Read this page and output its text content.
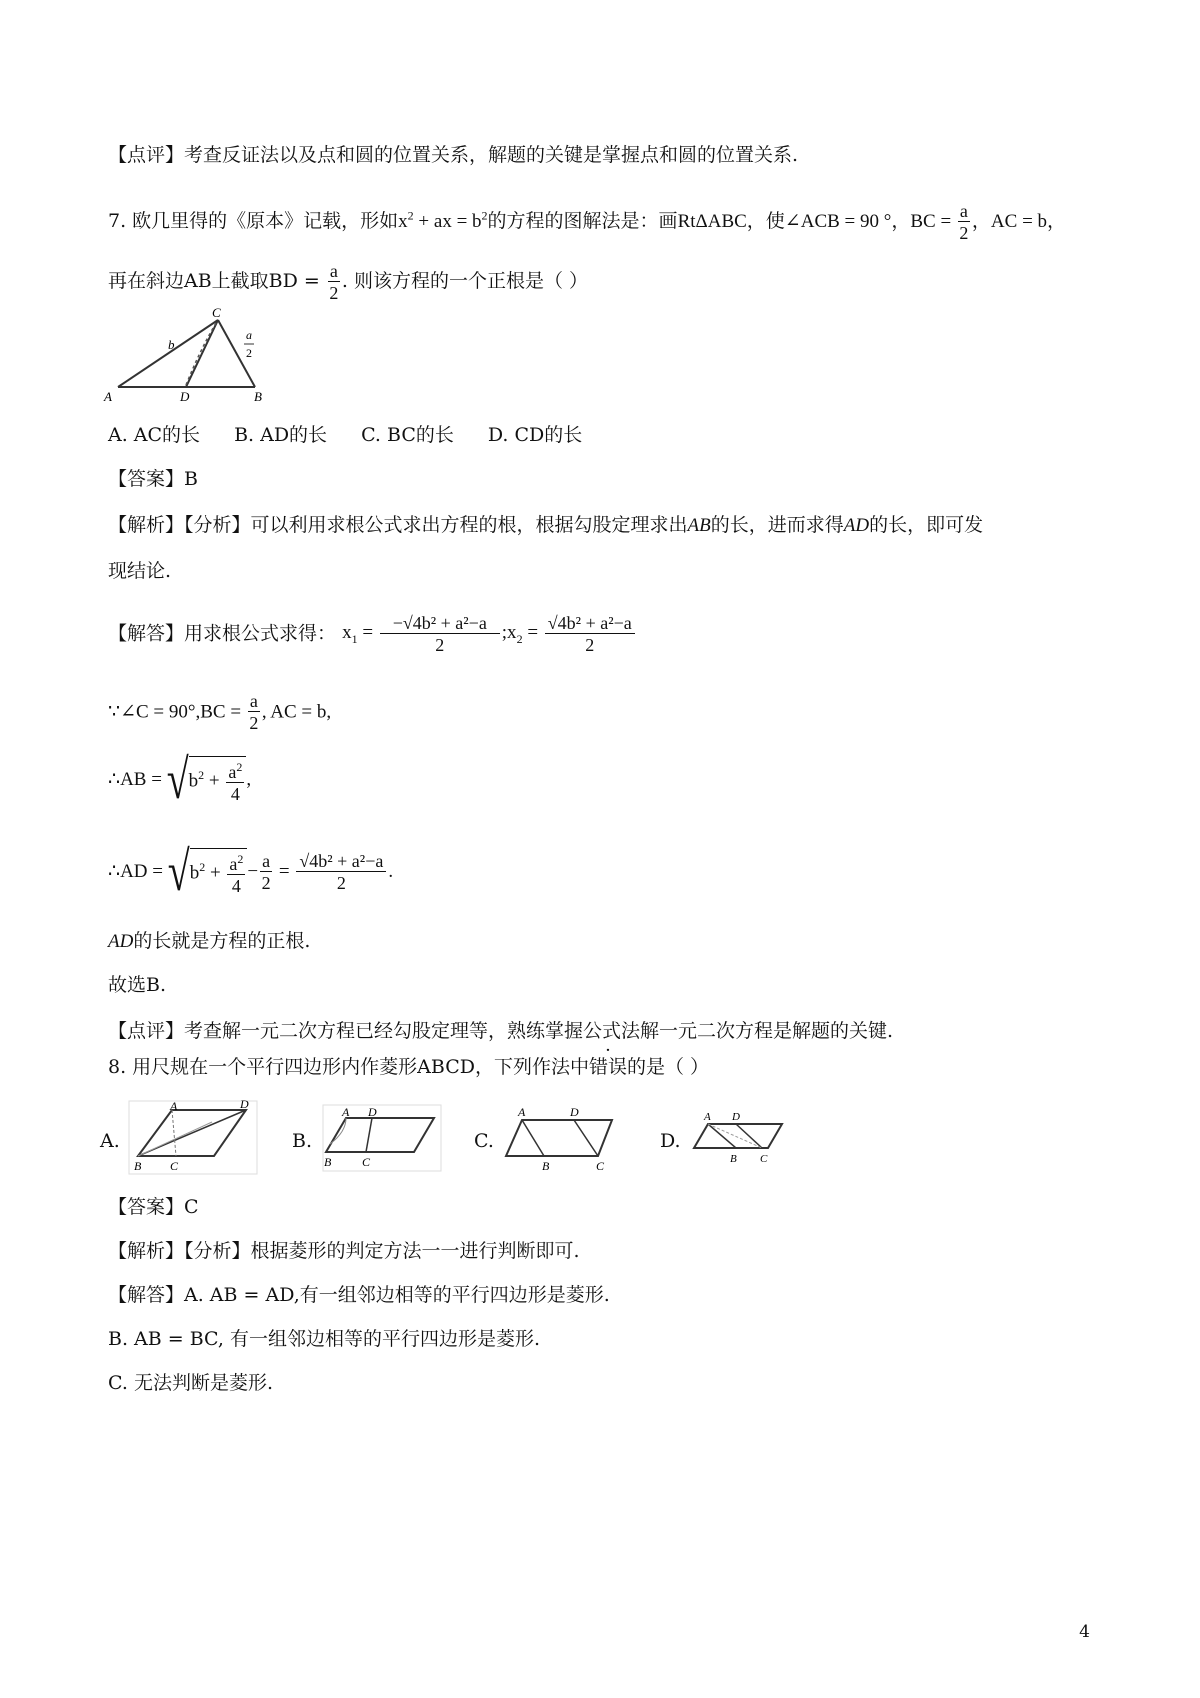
【点评】考查反证法以及点和圆的位置关系，解题的关键是掌握点和圆的位置关系.
7. 欧几里得的《原本》记载，形如$x^2$ + ax = $b^2$的方程的图解法是：画RtΔABC，使∠ACB = 90 °，BC = $\frac{a}{2}$ ，AC = b，
再在斜边AB上截取BD = $\frac{a}{2}$ . 则该方程的一个正根是（ ）
A	D	B
C
b
a
2
A. AC的长 B. AD的长 C. BC的长 D. CD的长
【答案】B
【解析】【分析】可以利用求根公式求出方程的根，根据勾股定理求出AB的长，进而求得AD的长，即可发
现结论.
【解答】用求根公式求得： $x_1 = \frac{\text{−√4b² + a²−a}}{2}$ $;x_2 = \frac{\text{√4b² + a²−a}}{2}$
∵∠C = $90^\circ,BC = \frac{a}{2}$ , AC = b,
∴AB = $√b^2 + \frac{a^2}{4}$ ,
∴AD = $√b^2 + \frac{a^2}{4} - \frac{a}{2} = \frac{\text{√4b² + a²−a}}{2}$ .
AD的长就是方程的正根.
故选B.
【点评】考查解一元二次方程已经勾股定理等，熟练掌握公式法解一元二次方程是解题的关键.
8. 用尺规在一个平行四边形内作菱形ABCD，下列作法中错误的是（ ）
A.	B.	C.	D.
A	D
B C
A D
B	C
A	D
B	C
A D
B C
【答案】C
【解析】【分析】根据菱形的判定方法一一进行判断即可.
【解答】A. AB = AD,有一组邻边相等的平行四边形是菱形.
B. AB = BC, 有一组邻边相等的平行四边形是菱形.
C. 无法判断是菱形.
4
